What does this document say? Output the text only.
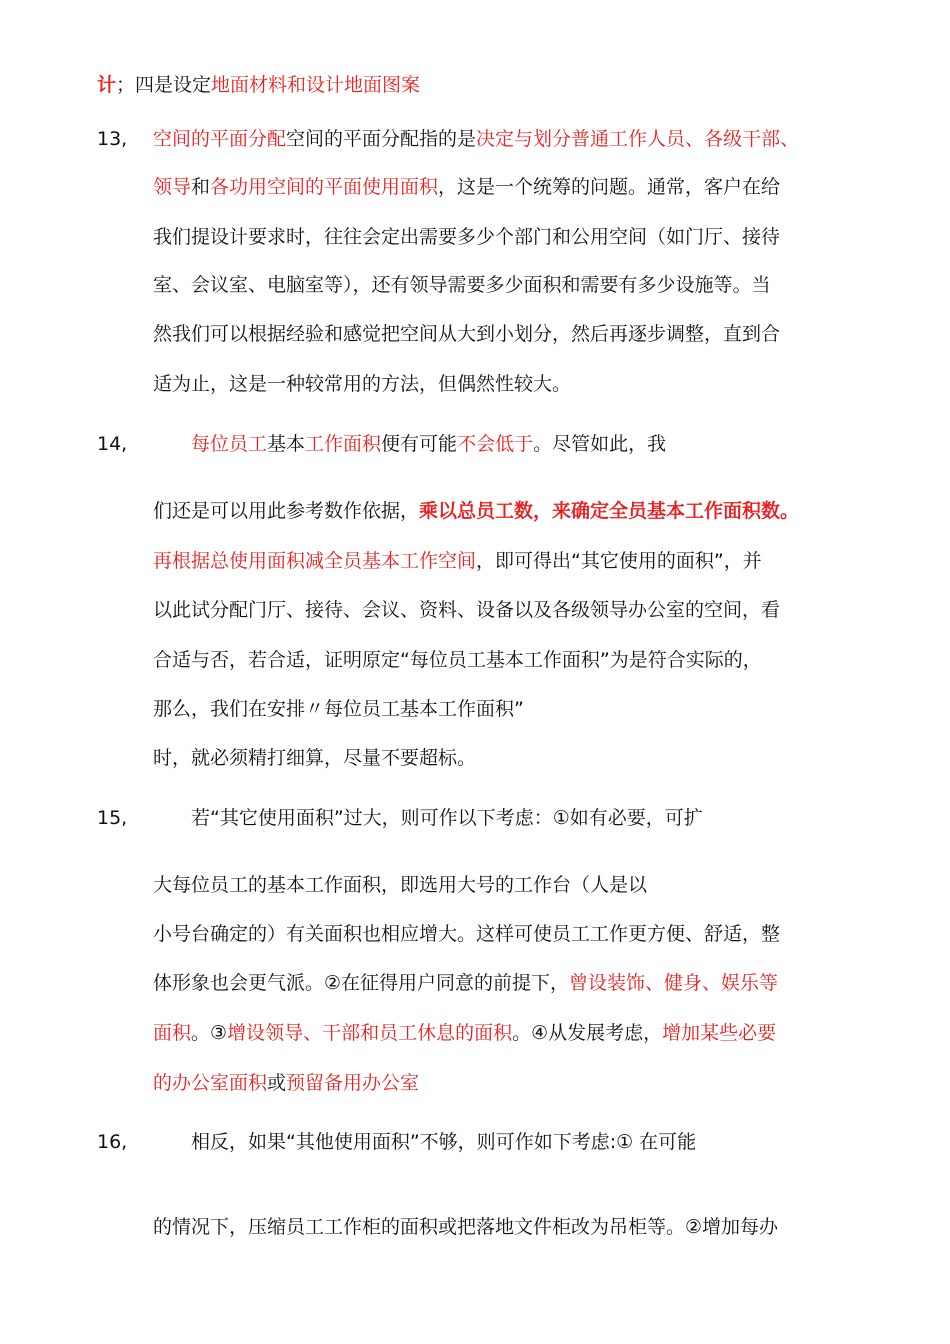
计；四是设定地面材料和设计地面图案
13, 空间的平面分配空间的平面分配指的是决定与划分普通工作人员、各级干部、
领导和各功用空间的平面使用面积，这是一个统筹的问题。通常，客户在给
我们提设计要求时，往往会定出需要多少个部门和公用空间（如门厅、接待
室、会议室、电脑室等），还有领导需要多少面积和需要有多少设施等。当
然我们可以根据经验和感觉把空间从大到小划分，然后再逐步调整，直到合
适为止，这是一种较常用的方法，但偶然性较大。
14,	每位员工基本工作面积便有可能不会低于。尽管如此，我
们还是可以用此参考数作依据，乘以总员工数，来确定全员基本工作面积数。
再根据总使用面积减全员基本工作空间，即可得出“其它使用的面积”，并
以此试分配门厅、接待、会议、资料、设备以及各级领导办公室的空间，看
合适与否，若合适，证明原定“每位员工基本工作面积”为是符合实际的，
那么，我们在安排〃每位员工基本工作面积”
时，就必须精打细算，尽量不要超标。
15,	若“其它使用面积”过大，则可作以下考虑：①如有必要，可扩
大每位员工的基本工作面积，即选用大号的工作台（人是以
小号台确定的）有关面积也相应增大。这样可使员工工作更方便、舒适，整
体形象也会更气派。②在征得用户同意的前提下，曾设装饰、健身、娱乐等
面积。③增设领导、干部和员工休息的面积。④从发展考虑，增加某些必要
的办公室面积或预留备用办公室
16,	相反，如果“其他使用面积”不够，则可作如下考虑:① 在可能
的情况下，压缩员工工作柜的面积或把落地文件柜改为吊柜等。②增加每办
